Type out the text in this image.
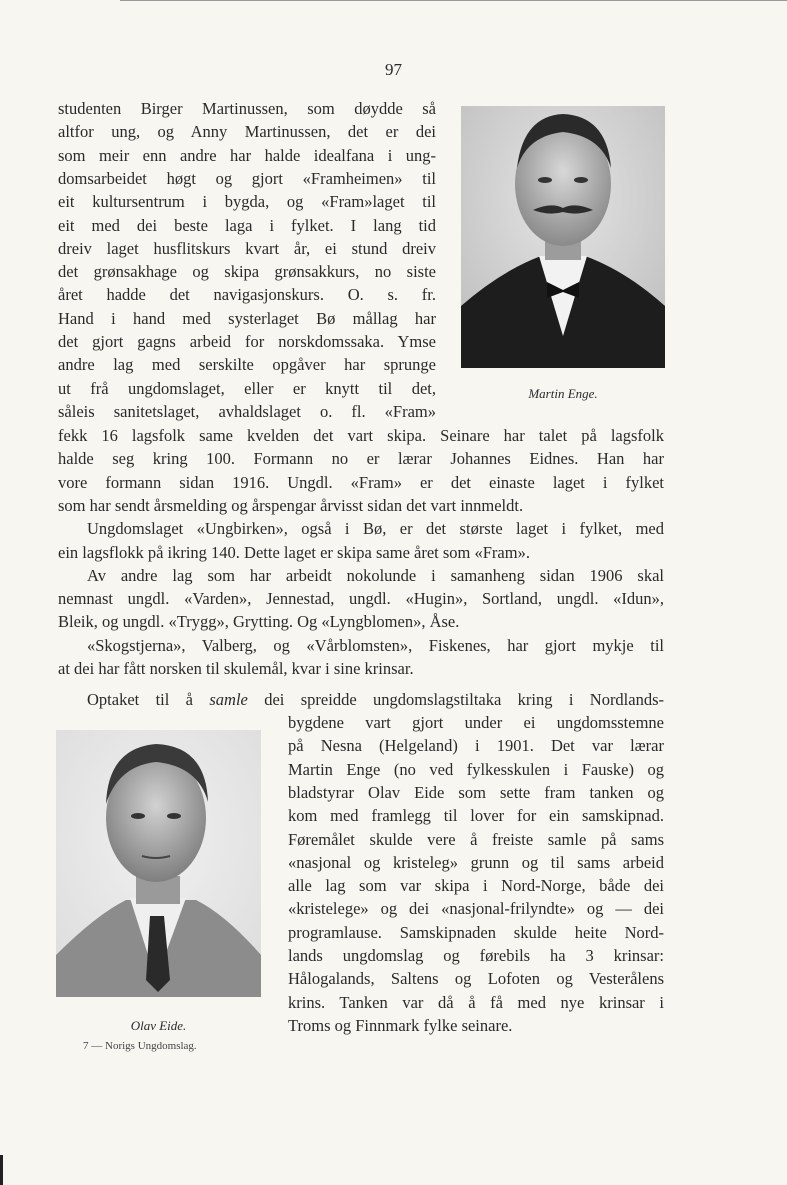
97
studenten Birger Martinussen, som døydde så
altfor ung, og Anny Martinussen, det er dei
som meir enn andre har halde idealfana i ung-
domsarbeidet høgt og gjort «Framheimen» til
eit kultursentrum i bygda, og «Fram»laget til
eit med dei beste laga i fylket. I lang tid
dreiv laget husflitskurs kvart år, ei stund dreiv
det grønsakhage og skipa grønsakkurs, no siste
året hadde det navigasjonskurs. O. s. fr.
Hand i hand med systerlaget Bø mållag har
det gjort gagns arbeid for norskdomssaka. Ymse
andre lag med serskilte opgåver har sprunge
ut frå ungdomslaget, eller er knytt til det,
såleis sanitetslaget, avhaldslaget o. fl. «Fram»
Martin Enge.
fekk 16 lagsfolk same kvelden det vart skipa. Seinare har talet på lagsfolk
halde seg kring 100. Formann no er lærar Johannes Eidnes. Han har
vore formann sidan 1916. Ungdl. «Fram» er det einaste laget i fylket
som har sendt årsmelding og årspengar årvisst sidan det vart innmeldt.
Ungdomslaget «Ungbirken», også i Bø, er det største laget i fylket, med
ein lagsflokk på ikring 140. Dette laget er skipa same året som «Fram».
Av andre lag som har arbeidt nokolunde i samanheng sidan 1906 skal
nemnast ungdl. «Varden», Jennestad, ungdl. «Hugin», Sortland, ungdl. «Idun»,
Bleik, og ungdl. «Trygg», Grytting. Og «Lyngblomen», Åse.
«Skogstjerna», Valberg, og «Vårblomsten», Fiskenes, har gjort mykje til
at dei har fått norsken til skulemål, kvar i sine krinsar.
Optaket til å samle dei spreidde ungdomslagstiltaka kring i Nordlands-
Olav Eide.
7 — Norigs Ungdomslag.
bygdene vart gjort under ei ungdomsstemne
på Nesna (Helgeland) i 1901. Det var lærar
Martin Enge (no ved fylkesskulen i Fauske) og
bladstyrar Olav Eide som sette fram tanken og
kom med framlegg til lover for ein samskipnad.
Føremålet skulde vere å freiste samle på sams
«nasjonal og kristeleg» grunn og til sams arbeid
alle lag som var skipa i Nord-Norge, både dei
«kristelege» og dei «nasjonal-frilyndte» og — dei
programlause. Samskipnaden skulde heite Nord-
lands ungdomslag og førebils ha 3 krinsar:
Hålogalands, Saltens og Lofoten og Vesterålens
krins. Tanken var då å få med nye krinsar i
Troms og Finnmark fylke seinare.
